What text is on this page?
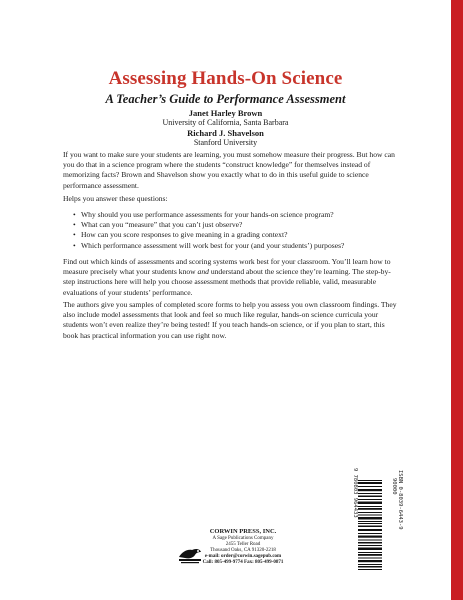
Assessing Hands-On Science
A Teacher’s Guide to Performance Assessment
Janet Harley Brown
University of California, Santa Barbara
Richard J. Shavelson
Stanford University

If you want to make sure your students are learning, you must somehow measure their progress. But how can you do that in a science program where the students “construct knowledge” for themselves instead of memorizing facts? Brown and Shavelson show you exactly what to do in this useful guide to science performance assessment.

Helps you answer these questions:

• Why should you use performance assessments for your hands-on science program?
• What can you “measure” that you can’t just observe?
• How can you score responses to give meaning in a grading context?
• Which performance assessment will work best for your (and your students’) purposes?

Find out which kinds of assessments and scoring systems work best for your classroom. You’ll learn how to measure precisely what your students know and understand about the science they’re learning. The step-by-step instructions here will help you choose assessment methods that provide reliable, valid, measurable evaluations of your students’ performance.

The authors give you samples of completed score forms to help you assess you own classroom findings. They also include model assessments that look and feel so much like regular, hands-on science curricula your students won’t even realize they’re being tested! If you teach hands-on science, or if you plan to start, this book has practical information you can use right now.

ISBN 0-8039-6443-9
90000
9 780803 964433
CORWIN PRESS, INC.
A Sage Publications Company
2455 Teller Road
Thousand Oaks, CA 91320-2218
e-mail: order@corwin.sagepub.com
Call: 805-499-9774 Fax: 805-499-0871
